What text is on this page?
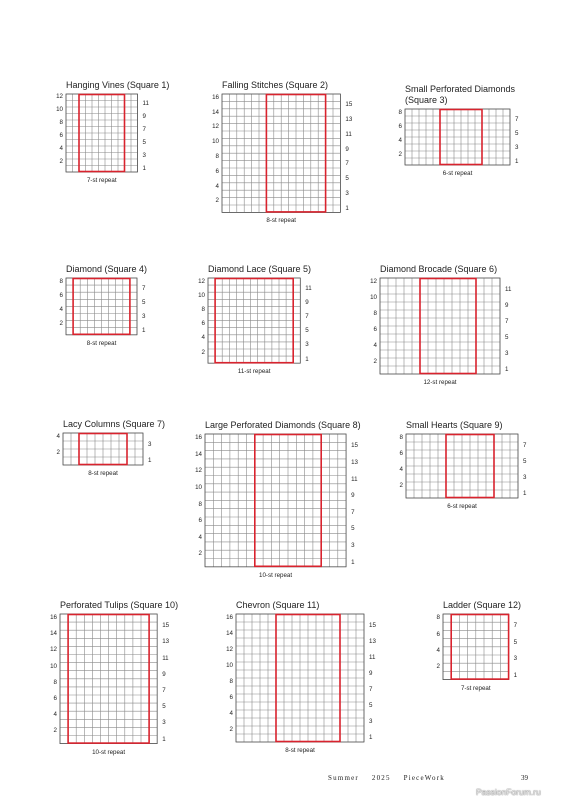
Summer 2025 PieceWork	39
PassionForum.ru
Hanging Vines (Square 1)
12
10
8
6
4
2
11
9
7
5
3
1
7-st repeat
Falling Stitches (Square 2)
16
14
12
10
8
6
4
2
15
13
11
9
7
5
3
1
8-st repeat
Small Perforated Diamonds
(Square 3)
8
6
4
2
7
5
3
1
6-st repeat
Diamond (Square 4)
8
6
4
2
7
5
3
1
8-st repeat
Diamond Lace (Square 5)
12
10
8
6
4
2
11
9
7
5
3
1
11-st repeat
Diamond Brocade (Square 6)
12
10
8
6
4
2
11
9
7
5
3
1
12-st repeat
Lacy Columns (Square 7)
4
2
3
1
8-st repeat
Large Perforated Diamonds (Square 8)
16
14
12
10
8
6
4
2
15
13
11
9
7
5
3
1
10-st repeat
Small Hearts (Square 9)
8
6
4
2
7
5
3
1
6-st repeat
Perforated Tulips (Square 10)
16
14
12
10
8
6
4
2
15
13
11
9
7
5
3
1
10-st repeat
Chevron (Square 11)
16
14
12
10
8
6
4
2
15
13
11
9
7
5
3
1
8-st repeat
Ladder (Square 12)
8
6
4
2
7
5
3
1
7-st repeat
